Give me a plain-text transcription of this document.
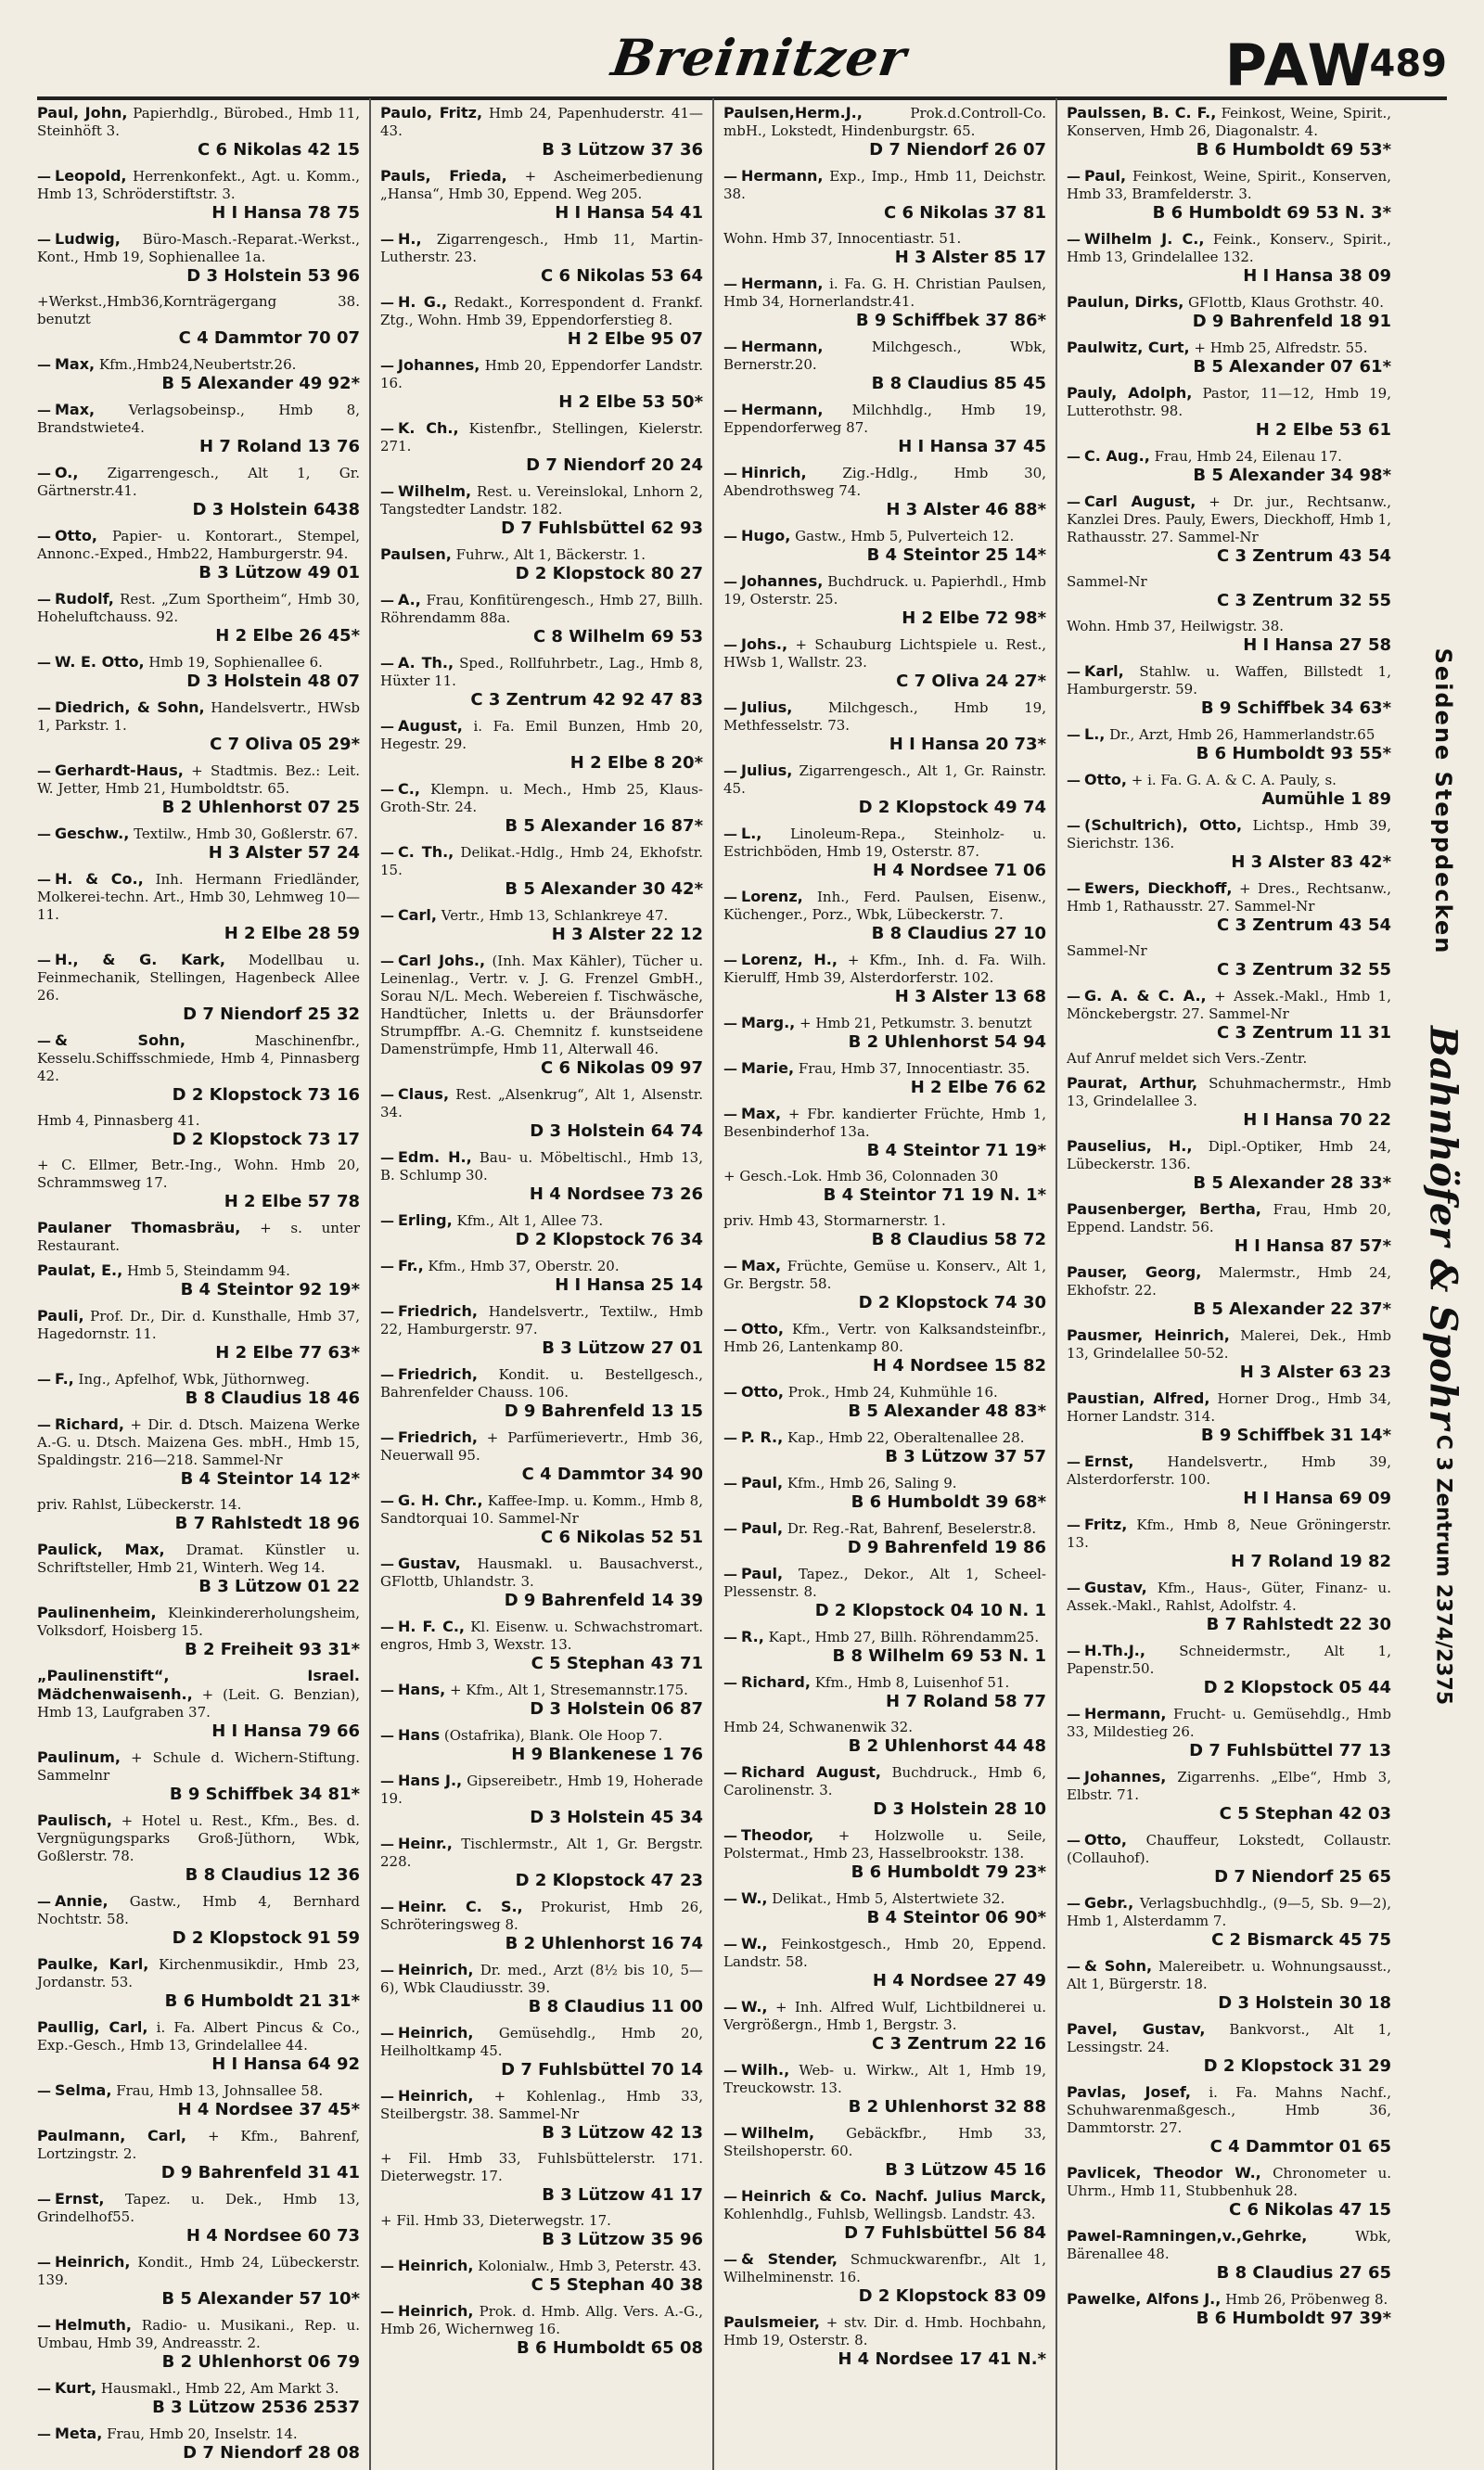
Breinitzer	PAW
489
Paul, John, Papierhdlg., Bürobed., Hmb 11, Steinhöft 3.
C 6 Nikolas 42 15
— Leopold, Herrenkonfekt., Agt. u. Komm., Hmb 13, Schröderstiftstr. 3.
H I Hansa 78 75
— Ludwig, Büro-Masch.-Reparat.-Werkst., Kont., Hmb 19, Sophienallee 1a.
D 3 Holstein 53 96
+Werkst.,Hmb36,Kornträgergang 38. benutzt
C 4 Dammtor 70 07
— Max, Kfm.,Hmb24,Neubertstr.26.
B 5 Alexander 49 92*
— Max, Verlagsobeinsp., Hmb 8, Brandstwiete4.
H 7 Roland 13 76
— O., Zigarrengesch., Alt 1, Gr. Gärtnerstr.41.
D 3 Holstein 6438
— Otto, Papier- u. Kontorart., Stempel, Annonc.-Exped., Hmb22, Hamburgerstr. 94.
B 3 Lützow 49 01
— Rudolf, Rest. „Zum Sportheim“, Hmb 30, Hoheluftchauss. 92.
H 2 Elbe 26 45*
— W. E. Otto, Hmb 19, Sophienallee 6.
D 3 Holstein 48 07
— Diedrich, & Sohn, Handelsvertr., HWsb 1, Parkstr. 1.
C 7 Oliva 05 29*
— Gerhardt-Haus, + Stadtmis. Bez.: Leit. W. Jetter, Hmb 21, Humboldtstr. 65.
B 2 Uhlenhorst 07 25
— Geschw., Textilw., Hmb 30, Goßlerstr. 67.
H 3 Alster 57 24
— H. & Co., Inh. Hermann Friedländer, Molkerei-techn. Art., Hmb 30, Lehmweg 10—11.
H 2 Elbe 28 59
— H., & G. Kark, Modellbau u. Feinmechanik, Stellingen, Hagenbeck Allee 26.
D 7 Niendorf 25 32
— & Sohn,	Maschinenfbr., Kesselu.Schiffsschmiede, Hmb 4, Pinnasberg 42.
D 2 Klopstock 73 16
Hmb 4, Pinnasberg 41.
D 2 Klopstock 73 17
+ C. Ellmer, Betr.-Ing., Wohn. Hmb 20, Schrammsweg 17.
H 2 Elbe 57 78
Paulaner Thomasbräu, + s. unter Restaurant.
Paulat, E., Hmb 5, Steindamm 94.
B 4 Steintor 92 19*
Pauli, Prof. Dr., Dir. d. Kunsthalle, Hmb 37, Hagedornstr. 11.
H 2 Elbe 77 63*
— F., Ing., Apfelhof, Wbk, Jüthornweg.
B 8 Claudius 18 46
— Richard, + Dir. d. Dtsch. Maizena Werke A.-G. u. Dtsch. Maizena Ges. mbH., Hmb 15, Spaldingstr. 216—218. Sammel-Nr
B 4 Steintor 14 12*
priv. Rahlst, Lübeckerstr. 14.
B 7 Rahlstedt 18 96
Paulick, Max, Dramat. Künstler u. Schriftsteller, Hmb 21, Winterh. Weg 14.
B 3 Lützow 01 22
Paulinenheim, Kleinkindererholungsheim, Volksdorf, Hoisberg 15.
B 2 Freiheit 93 31*
„Paulinenstift“, Israel. Mädchenwaisenh., + (Leit. G. Benzian), Hmb 13, Laufgraben 37.
H I Hansa 79 66
Paulinum, + Schule d. Wichern-Stiftung. Sammelnr
B 9 Schiffbek 34 81*
Paulisch, + Hotel u. Rest., Kfm., Bes. d. Vergnügungsparks Groß-Jüthorn, Wbk, Goßlerstr. 78.
B 8 Claudius 12 36
— Annie, Gastw., Hmb 4, Bernhard Nochtstr. 58.
D 2 Klopstock 91 59
Paulke, Karl, Kirchenmusikdir., Hmb 23, Jordanstr. 53.
B 6 Humboldt 21 31*
Paullig, Carl, i. Fa. Albert Pincus & Co., Exp.-Gesch., Hmb 13, Grindelallee 44.
H I Hansa 64 92
— Selma, Frau, Hmb 13, Johnsallee 58.
H 4 Nordsee 37 45*
Paulmann, Carl, + Kfm., Bahrenf, Lortzingstr. 2.
D 9 Bahrenfeld 31 41
— Ernst, Tapez. u. Dek., Hmb 13, Grindelhof55.
H 4 Nordsee 60 73
— Heinrich, Kondit., Hmb 24, Lübeckerstr. 139.
B 5 Alexander 57 10*
— Helmuth, Radio- u. Musikani., Rep. u. Umbau, Hmb 39, Andreasstr. 2.
B 2 Uhlenhorst 06 79
— Kurt, Hausmakl., Hmb 22, Am Markt 3.
B 3 Lützow 2536 2537
— Meta, Frau, Hmb 20, Inselstr. 14.
D 7 Niendorf 28 08
Paulo, Fritz, Hmb 24, Papenhuderstr. 41—43.
B 3 Lützow 37 36
Pauls, Frieda, + Ascheimerbedienung „Hansa“, Hmb 30, Eppend. Weg 205.
H I Hansa 54 41
— H., Zigarrengesch., Hmb 11, Martin-Lutherstr. 23.
C 6 Nikolas 53 64
— H. G., Redakt., Korrespondent d. Frankf. Ztg., Wohn. Hmb 39, Eppendorferstieg 8.
H 2 Elbe 95 07
— Johannes, Hmb 20, Eppendorfer Landstr. 16.
H 2 Elbe 53 50*
— K. Ch., Kistenfbr., Stellingen, Kielerstr. 271.
D 7 Niendorf 20 24
— Wilhelm, Rest. u. Vereinslokal, Lnhorn 2, Tangstedter Landstr. 182.
D 7 Fuhlsbüttel 62 93
Paulsen, Fuhrw., Alt 1, Bäckerstr. 1.
D 2 Klopstock 80 27
— A., Frau, Konfitürengesch., Hmb 27, Billh. Röhrendamm 88a.
C 8 Wilhelm 69 53
— A. Th., Sped., Rollfuhrbetr., Lag., Hmb 8, Hüxter 11.
C 3 Zentrum 42 92 47 83
— August, i. Fa. Emil Bunzen, Hmb 20, Hegestr. 29.
H 2 Elbe 8 20*
— C., Klempn. u. Mech., Hmb 25, Klaus-Groth-Str. 24.
B 5 Alexander 16 87*
— C. Th., Delikat.-Hdlg., Hmb 24, Ekhofstr. 15.
B 5 Alexander 30 42*
— Carl, Vertr., Hmb 13, Schlankreye 47.
H 3 Alster 22 12
— Carl Johs., (Inh. Max Kähler), Tücher u. Leinenlag., Vertr. v. J. G. Frenzel GmbH., Sorau N/L. Mech. Webereien f. Tischwäsche, Handtücher, Inletts u. der Bräunsdorfer Strumpffbr. A.-G. Chemnitz f. kunstseidene Damenstrümpfe, Hmb 11, Alterwall 46.
C 6 Nikolas 09 97
— Claus, Rest. „Alsenkrug“, Alt 1, Alsenstr. 34.
D 3 Holstein 64 74
— Edm. H., Bau- u. Möbeltischl., Hmb 13, B. Schlump 30.
H 4 Nordsee 73 26
— Erling, Kfm., Alt 1, Allee 73.
D 2 Klopstock 76 34
— Fr., Kfm., Hmb 37, Oberstr. 20.
H I Hansa 25 14
— Friedrich, Handelsvertr., Textilw., Hmb 22, Hamburgerstr. 97.
B 3 Lützow 27 01
— Friedrich, Kondit. u. Bestellgesch., Bahrenfelder Chauss. 106.
D 9 Bahrenfeld 13 15
— Friedrich, + Parfümerievertr., Hmb 36, Neuerwall 95.
C 4 Dammtor 34 90
— G. H. Chr., Kaffee-Imp. u. Komm., Hmb 8, Sandtorquai 10. Sammel-Nr
C 6 Nikolas 52 51
— Gustav, Hausmakl. u. Bausachverst., GFlottb, Uhlandstr. 3.
D 9 Bahrenfeld 14 39
— H. F. C., Kl. Eisenw. u. Schwachstromart. engros, Hmb 3, Wexstr. 13.
C 5 Stephan 43 71
— Hans, + Kfm., Alt 1, Stresemannstr.175.
D 3 Holstein 06 87
— Hans (Ostafrika), Blank. Ole Hoop 7.
H 9 Blankenese 1 76
— Hans J., Gipsereibetr., Hmb 19, Hoherade 19.
D 3 Holstein 45 34
— Heinr., Tischlermstr., Alt 1, Gr. Bergstr. 228.
D 2 Klopstock 47 23
— Heinr. C. S., Prokurist, Hmb 26, Schröteringsweg 8.
B 2 Uhlenhorst 16 74
— Heinrich, Dr. med., Arzt (8½ bis 10, 5—6), Wbk Claudiusstr. 39.
B 8 Claudius 11 00
— Heinrich, Gemüsehdlg., Hmb 20, Heilholtkamp 45.
D 7 Fuhlsbüttel 70 14
— Heinrich, + Kohlenlag., Hmb 33, Steilbergstr. 38. Sammel-Nr
B 3 Lützow 42 13
+ Fil. Hmb 33, Fuhlsbüttelerstr. 171. Dieterwegstr. 17.
B 3 Lützow 41 17
+ Fil. Hmb 33, Dieterwegstr. 17.
B 3 Lützow 35 96
— Heinrich, Kolonialw., Hmb 3, Peterstr. 43.
C 5 Stephan 40 38
— Heinrich, Prok. d. Hmb. Allg. Vers. A.-G., Hmb 26, Wichernweg 16.
B 6 Humboldt 65 08
Paulsen,Herm.J.,	Prok.d.Controll-Co. mbH., Lokstedt, Hindenburgstr. 65.
D 7 Niendorf 26 07
— Hermann, Exp., Imp., Hmb 11, Deichstr. 38.
C 6 Nikolas 37 81
Wohn. Hmb 37, Innocentiastr. 51.
H 3 Alster 85 17
— Hermann, i. Fa. G. H. Christian Paulsen, Hmb 34, Hornerlandstr.41.
B 9 Schiffbek 37 86*
— Hermann,	Milchgesch., Wbk, Bernerstr.20.
B 8 Claudius 85 45
— Hermann, Milchhdlg., Hmb 19, Eppendorferweg 87.
H I Hansa 37 45
— Hinrich,	Zig.-Hdlg., Hmb 30, Abendrothsweg 74.
H 3 Alster 46 88*
— Hugo, Gastw., Hmb 5, Pulverteich 12.
B 4 Steintor 25 14*
— Johannes, Buchdruck. u. Papierhdl., Hmb 19, Osterstr. 25.
H 2 Elbe 72 98*
— Johs., + Schauburg Lichtspiele u. Rest., HWsb 1, Wallstr. 23.
C 7 Oliva 24 27*
— Julius,	Milchgesch., Hmb 19, Methfesselstr. 73.
H I Hansa 20 73*
— Julius, Zigarrengesch., Alt 1, Gr. Rainstr. 45.
D 2 Klopstock 49 74
— L., Linoleum-Repa., Steinholz- u. Estrichböden, Hmb 19, Osterstr. 87.
H 4 Nordsee 71 06
— Lorenz, Inh., Ferd. Paulsen, Eisenw., Küchenger., Porz., Wbk, Lübeckerstr. 7.
B 8 Claudius 27 10
— Lorenz, H., + Kfm., Inh. d. Fa. Wilh. Kierulff, Hmb 39, Alsterdorferstr. 102.
H 3 Alster 13 68
— Marg., + Hmb 21, Petkumstr. 3. benutzt
B 2 Uhlenhorst 54 94
— Marie, Frau, Hmb 37, Innocentiastr. 35.
H 2 Elbe 76 62
— Max, + Fbr. kandierter Früchte, Hmb 1, Besenbinderhof 13a.
B 4 Steintor 71 19*
+ Gesch.-Lok. Hmb 36, Colonnaden 30
B 4 Steintor 71 19 N. 1*
priv. Hmb 43, Stormarnerstr. 1.
B 8 Claudius 58 72
— Max, Früchte, Gemüse u. Konserv., Alt 1, Gr. Bergstr. 58.
D 2 Klopstock 74 30
— Otto, Kfm., Vertr. von Kalksandsteinfbr., Hmb 26, Lantenkamp 80.
H 4 Nordsee 15 82
— Otto, Prok., Hmb 24, Kuhmühle 16.
B 5 Alexander 48 83*
— P. R., Kap., Hmb 22, Oberaltenallee 28.
B 3 Lützow 37 57
— Paul, Kfm., Hmb 26, Saling 9.
B 6 Humboldt 39 68*
— Paul, Dr. Reg.-Rat, Bahrenf, Beselerstr.8.
D 9 Bahrenfeld 19 86
— Paul, Tapez., Dekor., Alt 1, Scheel-Plessenstr. 8.
D 2 Klopstock 04 10 N. 1
— R., Kapt., Hmb 27, Billh. Röhrendamm25.
B 8 Wilhelm 69 53 N. 1
— Richard, Kfm., Hmb 8, Luisenhof 51.
H 7 Roland 58 77
Hmb 24, Schwanenwik 32.
B 2 Uhlenhorst 44 48
— Richard August, Buchdruck., Hmb 6, Carolinenstr. 3.
D 3 Holstein 28 10
— Theodor, + Holzwolle u. Seile, Polstermat., Hmb 23, Hasselbrookstr. 138.
B 6 Humboldt 79 23*
— W., Delikat., Hmb 5, Alstertwiete 32.
B 4 Steintor 06 90*
— W., Feinkostgesch., Hmb 20, Eppend. Landstr. 58.
H 4 Nordsee 27 49
— W., + Inh. Alfred Wulf, Lichtbildnerei u. Vergrößergn., Hmb 1, Bergstr. 3.
C 3 Zentrum 22 16
— Wilh., Web- u. Wirkw., Alt 1, Hmb 19, Treuckowstr. 13.
B 2 Uhlenhorst 32 88
— Wilhelm, Gebäckfbr., Hmb 33, Steilshoperstr. 60.
B 3 Lützow 45 16
— Heinrich & Co. Nachf. Julius Marck, Kohlenhdlg., Fuhlsb, Wellingsb. Landstr. 43.
D 7 Fuhlsbüttel 56 84
— & Stender, Schmuckwarenfbr., Alt 1, Wilhelminenstr. 16.
D 2 Klopstock 83 09
Paulsmeier, + stv. Dir. d. Hmb. Hochbahn, Hmb 19, Osterstr. 8.
H 4 Nordsee 17 41 N.*
Paulssen, B. C. F., Feinkost, Weine, Spirit., Konserven, Hmb 26, Diagonalstr. 4.
B 6 Humboldt 69 53*
— Paul, Feinkost, Weine, Spirit., Konserven, Hmb 33, Bramfelderstr. 3.
B 6 Humboldt 69 53 N. 3*
— Wilhelm J. C., Feink., Konserv., Spirit., Hmb 13, Grindelallee 132.
H I Hansa 38 09
Paulun, Dirks, GFlottb, Klaus Grothstr. 40.
D 9 Bahrenfeld 18 91
Paulwitz, Curt, + Hmb 25, Alfredstr. 55.
B 5 Alexander 07 61*
Pauly, Adolph, Pastor, 11—12, Hmb 19, Lutterothstr. 98.
H 2 Elbe 53 61
— C. Aug., Frau, Hmb 24, Eilenau 17.
B 5 Alexander 34 98*
— Carl August, + Dr. jur., Rechtsanw., Kanzlei Dres. Pauly, Ewers, Dieckhoff, Hmb 1, Rathausstr. 27. Sammel-Nr
C 3 Zentrum 43 54
Sammel-Nr
C 3 Zentrum 32 55
Wohn. Hmb 37, Heilwigstr. 38.
H I Hansa 27 58
— Karl, Stahlw. u. Waffen, Billstedt 1, Hamburgerstr. 59.
B 9 Schiffbek 34 63*
— L., Dr., Arzt, Hmb 26, Hammerlandstr.65
B 6 Humboldt 93 55*
— Otto, + i. Fa. G. A. & C. A. Pauly, s.
Aumühle 1 89
— (Schultrich), Otto, Lichtsp., Hmb 39, Sierichstr. 136.
H 3 Alster 83 42*
— Ewers, Dieckhoff, + Dres., Rechtsanw., Hmb 1, Rathausstr. 27. Sammel-Nr
C 3 Zentrum 43 54
Sammel-Nr
C 3 Zentrum 32 55
— G. A. & C. A., + Assek.-Makl., Hmb 1, Mönckebergstr. 27. Sammel-Nr
C 3 Zentrum 11 31
Auf Anruf meldet sich Vers.-Zentr.
Paurat, Arthur, Schuhmachermstr., Hmb 13, Grindelallee 3.
H I Hansa 70 22
Pauselius, H., Dipl.-Optiker, Hmb 24, Lübeckerstr. 136.
B 5 Alexander 28 33*
Pausenberger, Bertha, Frau, Hmb 20, Eppend. Landstr. 56.
H I Hansa 87 57*
Pauser, Georg, Malermstr., Hmb 24, Ekhofstr. 22.
B 5 Alexander 22 37*
Pausmer, Heinrich, Malerei, Dek., Hmb 13, Grindelallee 50-52.
H 3 Alster 63 23
Paustian, Alfred, Horner Drog., Hmb 34, Horner Landstr. 314.
B 9 Schiffbek 31 14*
— Ernst, Handelsvertr., Hmb 39, Alsterdorferstr. 100.
H I Hansa 69 09
— Fritz, Kfm., Hmb 8, Neue Gröningerstr. 13.
H 7 Roland 19 82
— Gustav, Kfm., Haus-, Güter, Finanz- u. Assek.-Makl., Rahlst, Adolfstr. 4.
B 7 Rahlstedt 22 30
— H.Th.J., Schneidermstr., Alt 1, Papenstr.50.
D 2 Klopstock 05 44
— Hermann, Frucht- u. Gemüsehdlg., Hmb 33, Mildestieg 26.
D 7 Fuhlsbüttel 77 13
— Johannes, Zigarrenhs. „Elbe“, Hmb 3, Elbstr. 71.
C 5 Stephan 42 03
— Otto, Chauffeur, Lokstedt, Collaustr. (Collauhof).
D 7 Niendorf 25 65
— Gebr., Verlagsbuchhdlg., (9—5, Sb. 9—2), Hmb 1, Alsterdamm 7.
C 2 Bismarck 45 75
— & Sohn, Malereibetr. u. Wohnungsausst., Alt 1, Bürgerstr. 18.
D 3 Holstein 30 18
Pavel, Gustav, Bankvorst., Alt 1, Lessingstr. 24.
D 2 Klopstock 31 29
Pavlas, Josef, i. Fa. Mahns Nachf., Schuhwarenmaßgesch., Hmb 36, Dammtorstr. 27.
C 4 Dammtor 01 65
Pavlicek, Theodor W., Chronometer u. Uhrm., Hmb 11, Stubbenhuk 28.
C 6 Nikolas 47 15
Pawel-Ramningen,v.,Gehrke,	Wbk, Bärenallee 48.
B 8 Claudius 27 65
Pawelke, Alfons J., Hmb 26, Pröbenweg 8.
B 6 Humboldt 97 39*
Seidene Steppdecken
Bahnhöfer & Spohr
C 3 Zentrum 2374/2375
